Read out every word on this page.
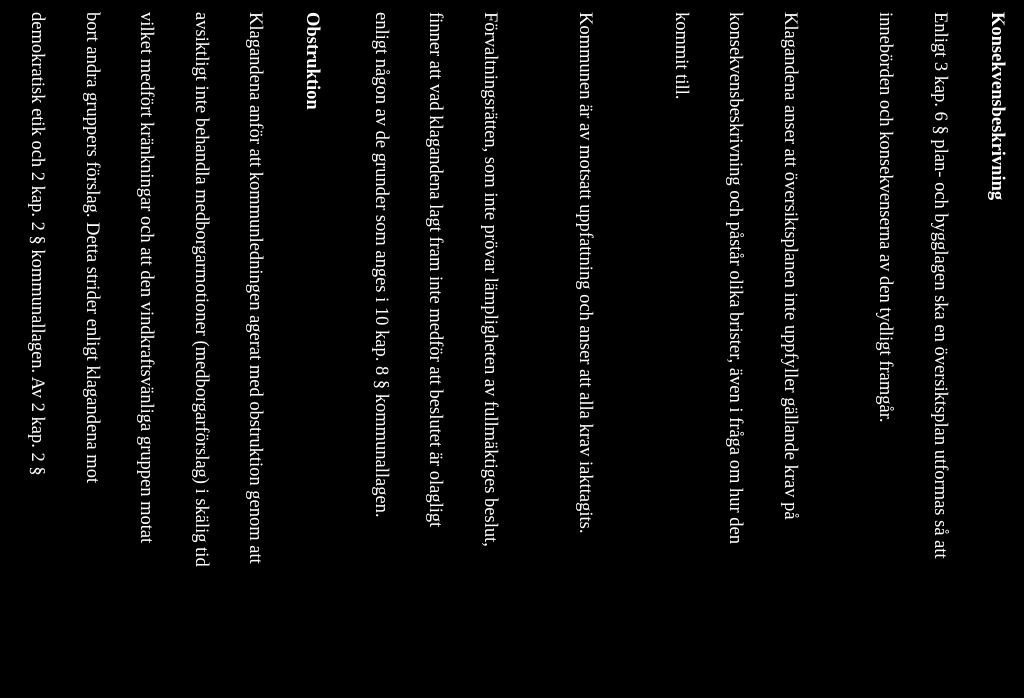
Konsekvensbeskrivning

Enligt 3 kap. 6 § plan- och bygglagen ska en översiktsplan utformas så att

innebörden och konsekvenserna av den tydligt framgår.

Klagandena anser att översiktsplanen inte uppfyller gällande krav på

konsekvensbeskrivning och påstår olika brister, även i fråga om hur den

kommit till.

Kommunen är av motsatt uppfattning och anser att alla krav iakttagits.

Förvaltningsrätten, som inte prövar lämpligheten av fullmäktiges beslut,

finner att vad klagandena lagt fram inte medför att beslutet är olagligt

enligt någon av de grunder som anges i 10 kap. 8 § kommunallagen.

Obstruktion

Klagandena anför att kommunledningen agerat med obstruktion genom att

avsiktligt inte behandla medborgarmotioner (medborgarförslag) i skälig tid

vilket medfört kränkningar och att den vindkraftsvänliga gruppen motat

bort andra gruppers förslag. Detta strider enligt klagandena mot

demokratisk etik och 2 kap. 2 § kommunallagen. Av 2 kap. 2 §
